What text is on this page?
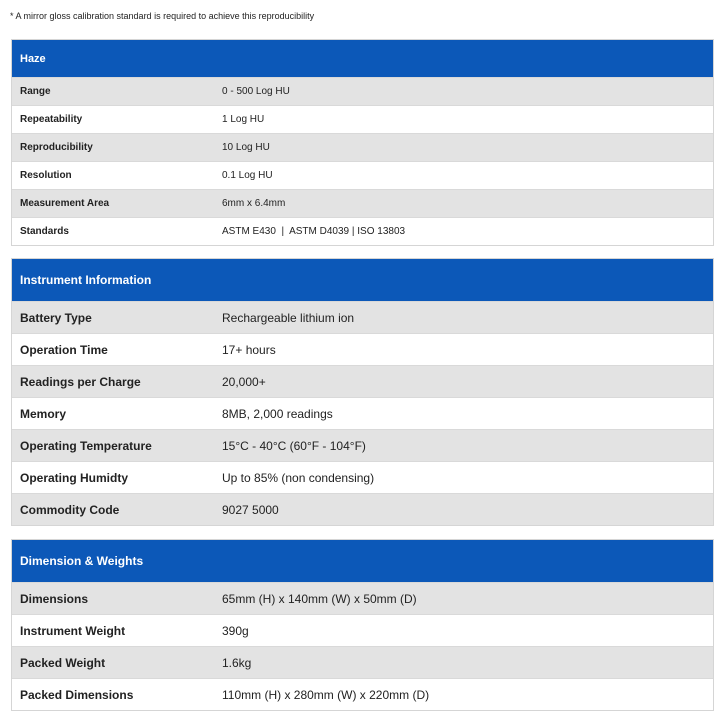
* A mirror gloss calibration standard is required to achieve this reproducibility
Haze
Range	0 - 500 Log HU
Repeatability	1 Log HU
Reproducibility	10 Log HU
Resolution	0.1 Log HU
Measurement Area	6mm x 6.4mm
Standards	ASTM E430  |  ASTM D4039 | ISO 13803
Instrument Information
Battery Type	Rechargeable lithium ion
Operation Time	17+ hours
Readings per Charge	20,000+
Memory	8MB, 2,000 readings
Operating Temperature	15°C - 40°C (60°F - 104°F)
Operating Humidty	Up to 85% (non condensing)
Commodity Code	9027 5000
Dimension & Weights
Dimensions	65mm (H) x 140mm (W) x 50mm (D)
Instrument Weight	390g
Packed Weight	1.6kg
Packed Dimensions	110mm (H) x 280mm (W) x 220mm (D)
